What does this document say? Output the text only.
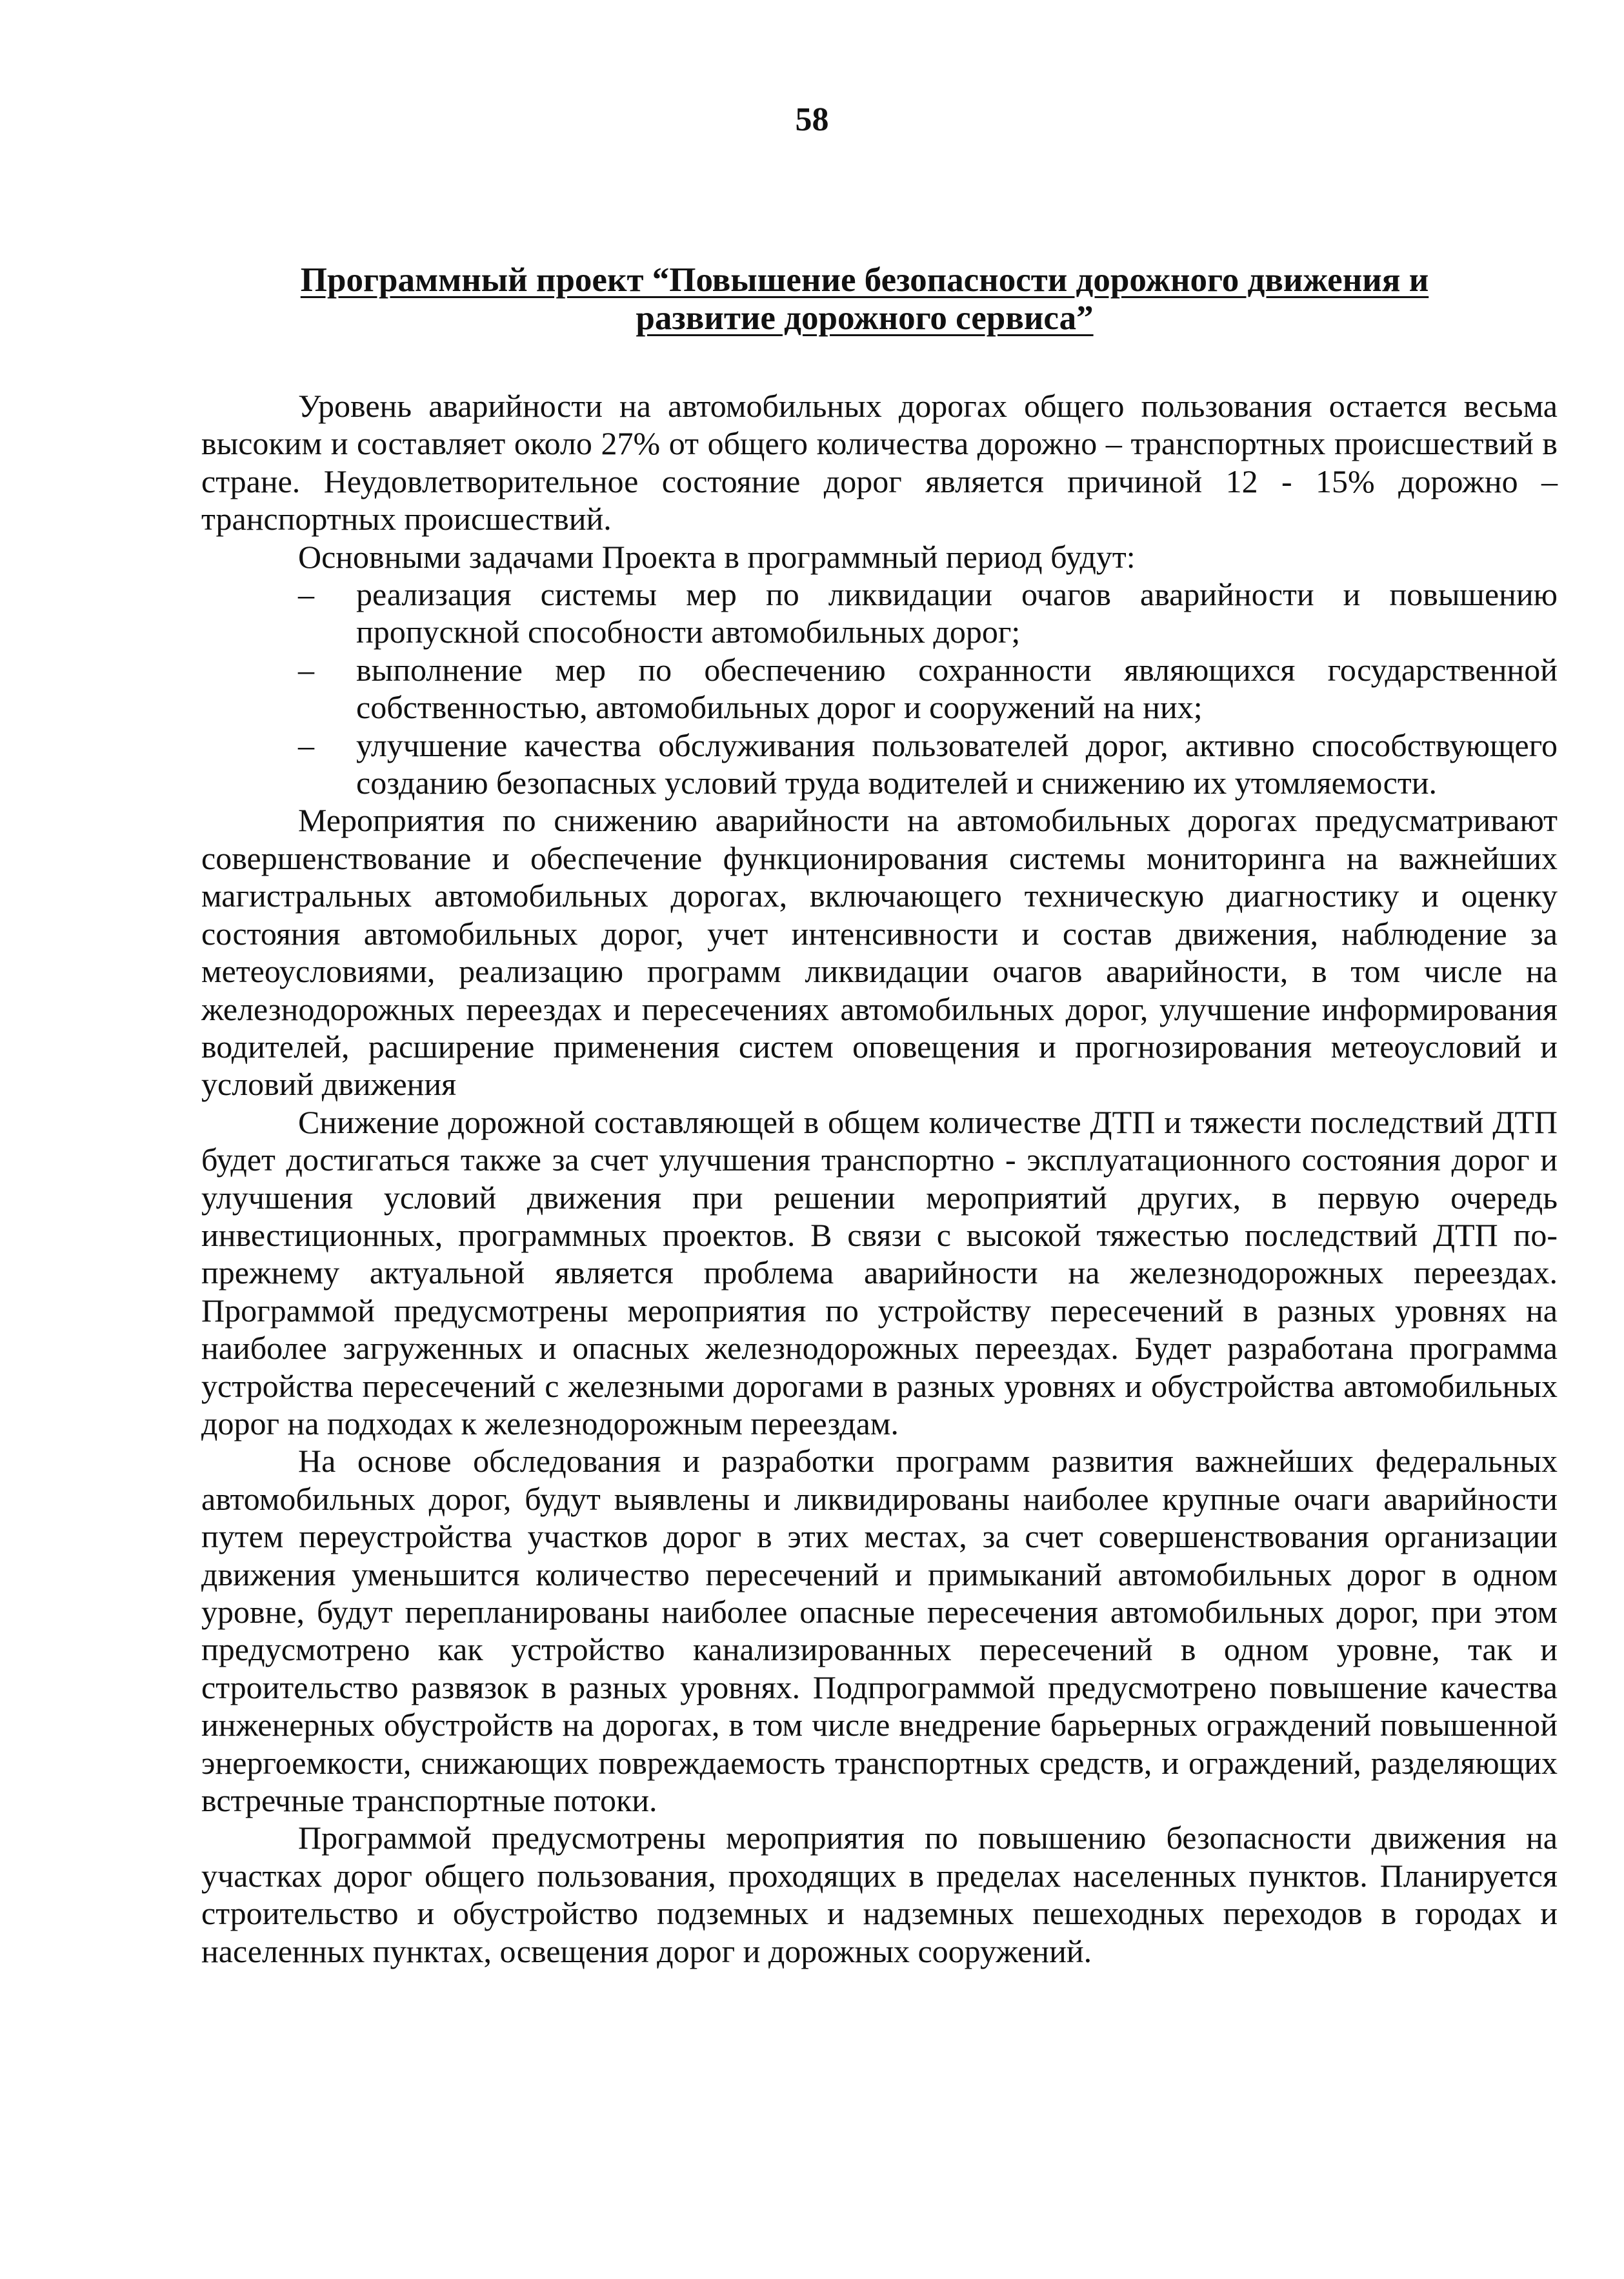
58
Программный проект “Повышение безопасности дорожного движения и развитие дорожного сервиса”

Уровень аварийности на автомобильных дорогах общего пользования остается весьма высоким и составляет около 27% от общего количества дорожно – транспортных происшествий в стране. Неудовлетворительное состояние дорог является причиной 12 - 15% дорожно – транспортных происшествий.

Основными задачами Проекта в программный период будут:

– реализация системы мер по ликвидации очагов аварийности и повышению пропускной способности автомобильных дорог;
– выполнение мер по обеспечению сохранности являющихся государственной собственностью, автомобильных дорог и сооружений на них;
– улучшение качества обслуживания пользователей дорог, активно способствующего созданию безопасных условий труда водителей и снижению их утомляемости.

Мероприятия по снижению аварийности на автомобильных дорогах предусматривают совершенствование и обеспечение функционирования системы мониторинга на важнейших магистральных автомобильных дорогах, включающего техническую диагностику и оценку состояния автомобильных дорог, учет интенсивности и состав движения, наблюдение за метеоусловиями, реализацию программ ликвидации очагов аварийности, в том числе на железнодорожных переездах и пересечениях автомобильных дорог, улучшение информирования водителей, расширение применения систем оповещения и прогнозирования метеоусловий и условий движения

Снижение дорожной составляющей в общем количестве ДТП и тяжести последствий ДТП будет достигаться также за счет улучшения транспортно - эксплуатационного состояния дорог и улучшения условий движения при решении мероприятий других, в первую очередь инвестиционных, программных проектов. В связи с высокой тяжестью последствий ДТП по-прежнему актуальной является проблема аварийности на железнодорожных переездах. Программой предусмотрены мероприятия по устройству пересечений в разных уровнях на наиболее загруженных и опасных железнодорожных переездах. Будет разработана программа устройства пересечений с железными дорогами в разных уровнях и обустройства автомобильных дорог на подходах к железнодорожным переездам.

На основе обследования и разработки программ развития важнейших федеральных автомобильных дорог, будут выявлены и ликвидированы наиболее крупные очаги аварийности путем переустройства участков дорог в этих местах, за счет совершенствования организации движения уменьшится количество пересечений и примыканий автомобильных дорог в одном уровне, будут перепланированы наиболее опасные пересечения автомобильных дорог, при этом предусмотрено как устройство канализированных пересечений в одном уровне, так и строительство развязок в разных уровнях. Подпрограммой предусмотрено повышение качества инженерных обустройств на дорогах, в том числе внедрение барьерных ограждений повышенной энергоемкости, снижающих повреждаемость транспортных средств, и ограждений, разделяющих встречные транспортные потоки.

Программой предусмотрены мероприятия по повышению безопасности движения на участках дорог общего пользования, проходящих в пределах населенных пунктов. Планируется строительство и обустройство подземных и надземных пешеходных переходов в городах и населенных пунктах, освещения дорог и дорожных сооружений.
